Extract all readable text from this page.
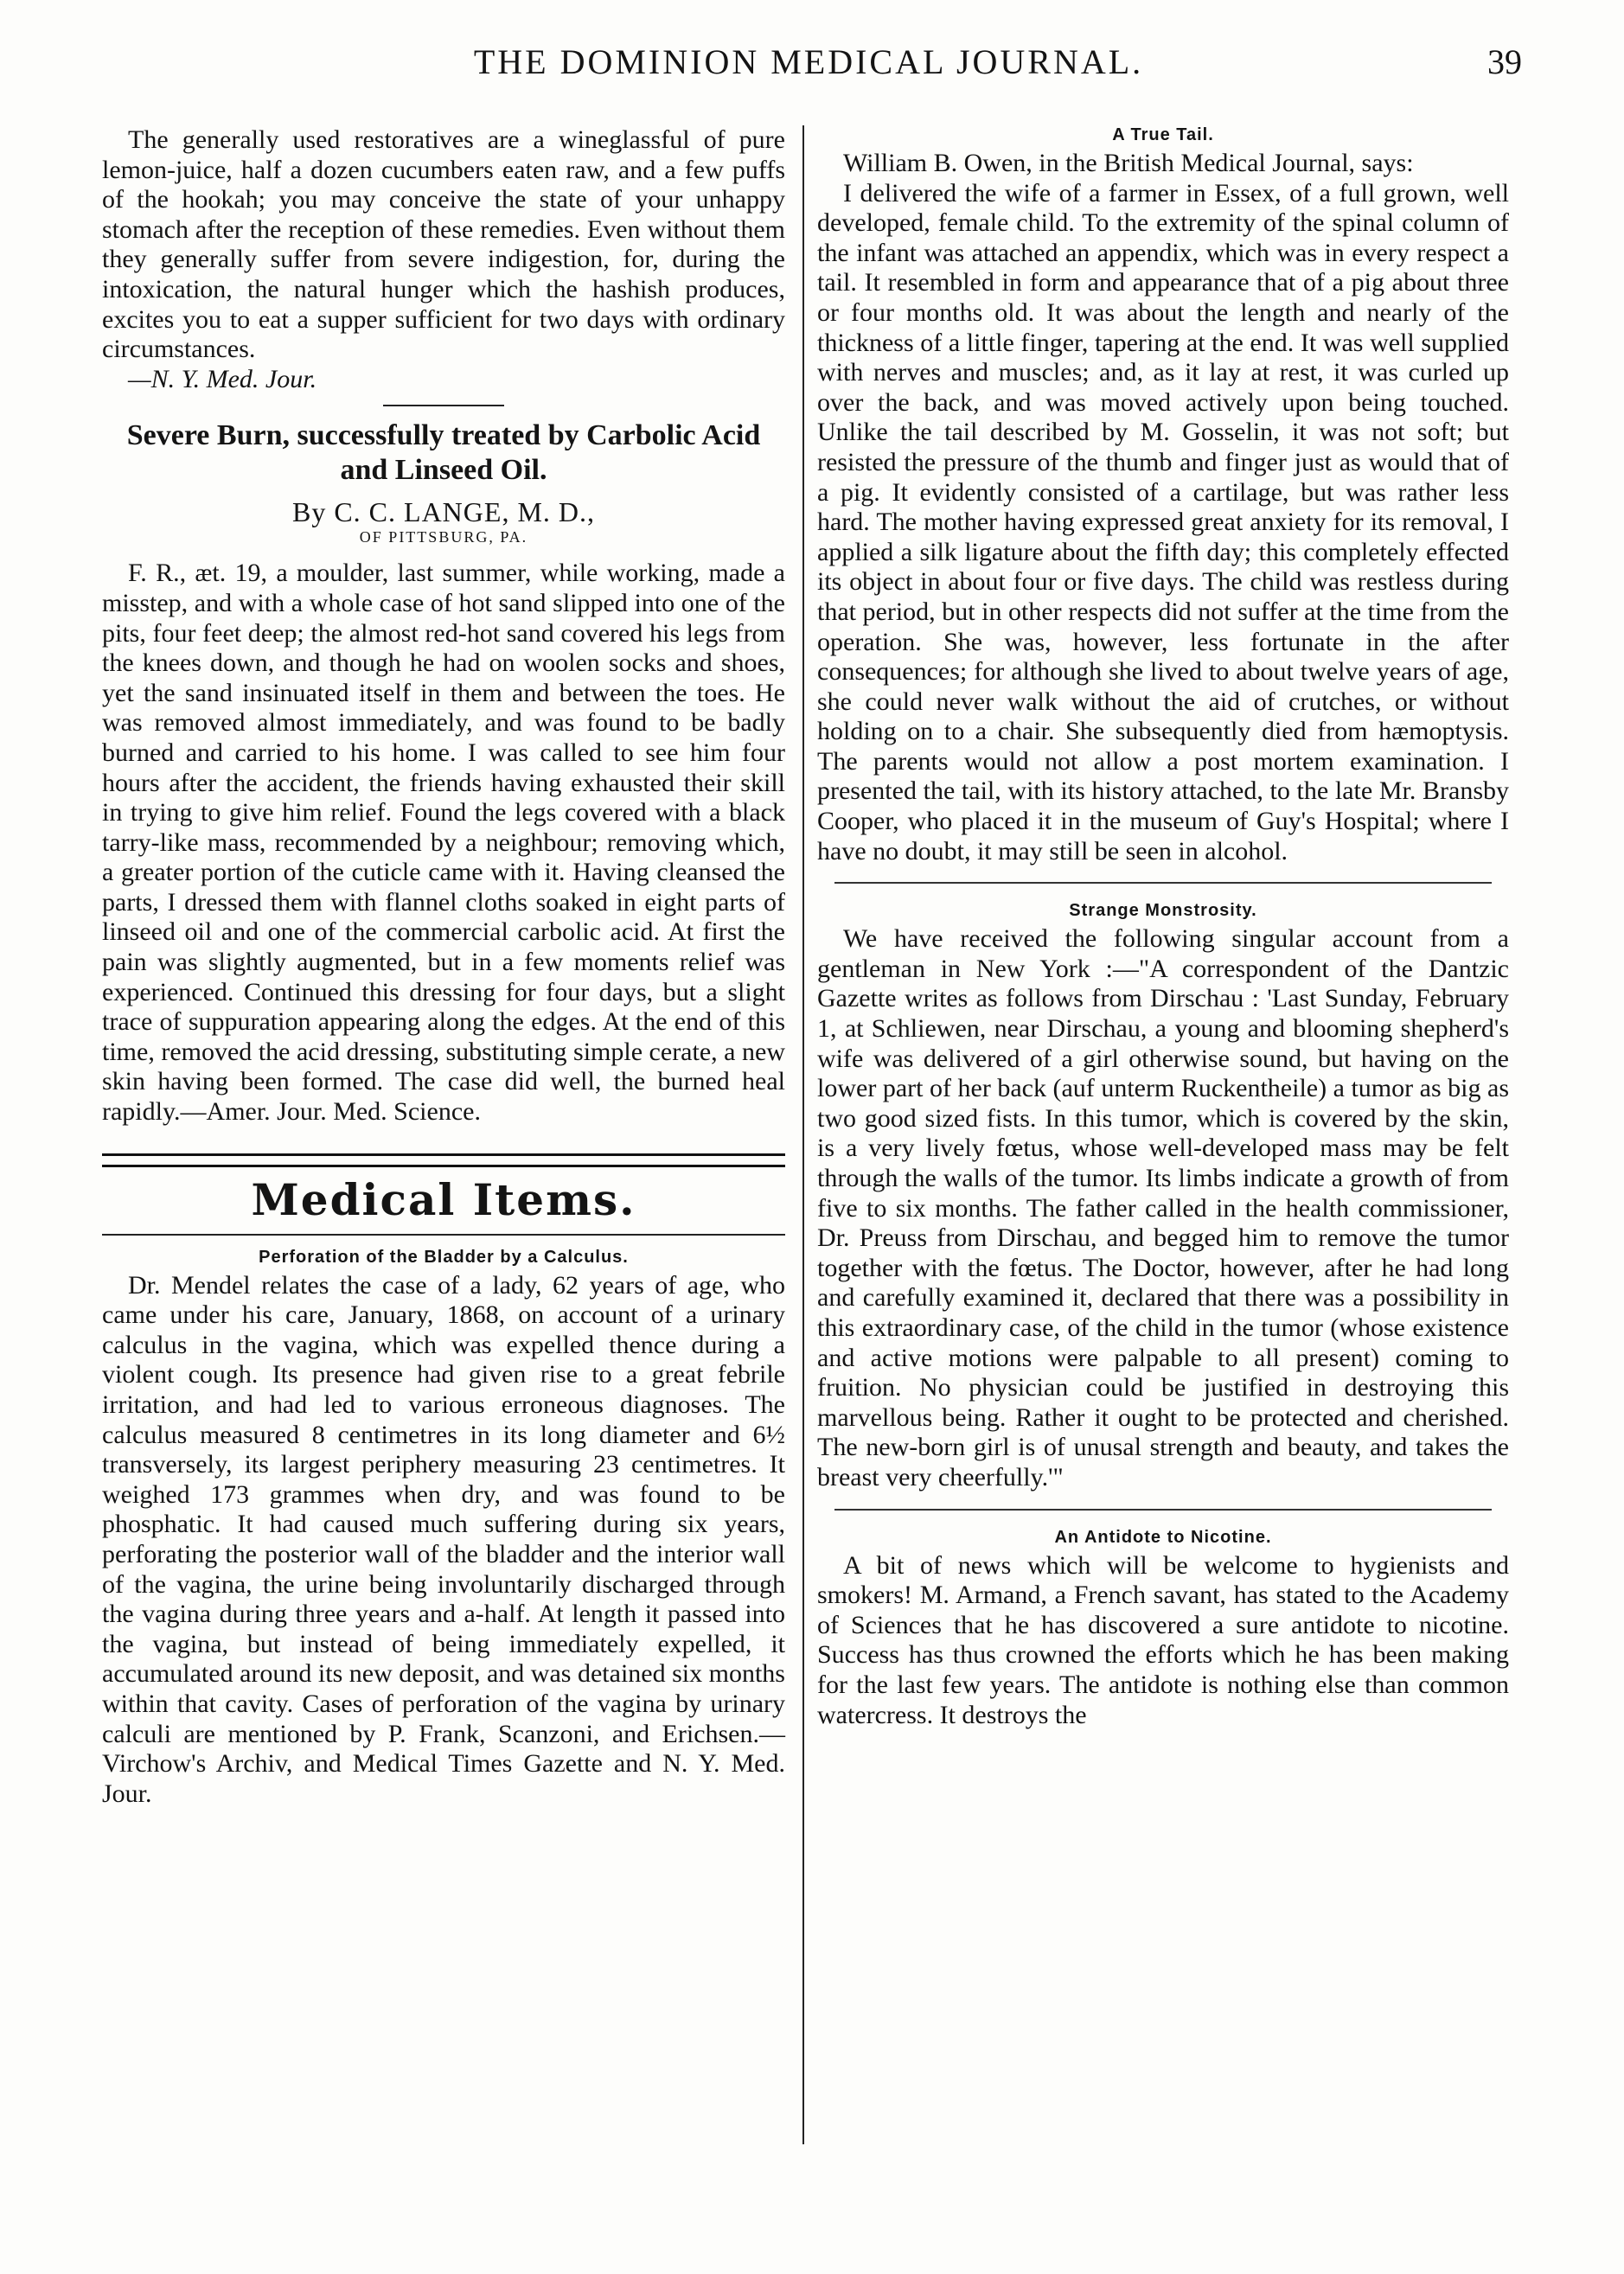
THE DOMINION MEDICAL JOURNAL.	39

The generally used restoratives are a wineglassful of pure lemon-juice, half a dozen cucumbers eaten raw, and a few puffs of the hookah; you may conceive the state of your unhappy stomach after the reception of these remedies. Even without them they generally suffer from severe indigestion, for, during the intoxication, the natural hunger which the hashish produces, excites you to eat a supper sufficient for two days with ordinary circumstances.

—N. Y. Med. Jour.

Severe Burn, successfully treated by Carbolic Acid and Linseed Oil.
By C. C. LANGE, M. D.,
OF PITTSBURG, PA.

F. R., æt. 19, a moulder, last summer, while working, made a misstep, and with a whole case of hot sand slipped into one of the pits, four feet deep; the almost red-hot sand covered his legs from the knees down, and though he had on woolen socks and shoes, yet the sand insinuated itself in them and between the toes. He was removed almost immediately, and was found to be badly burned and carried to his home. I was called to see him four hours after the accident, the friends having exhausted their skill in trying to give him relief. Found the legs covered with a black tarry-like mass, recommended by a neighbour; removing which, a greater portion of the cuticle came with it. Having cleansed the parts, I dressed them with flannel cloths soaked in eight parts of linseed oil and one of the commercial carbolic acid. At first the pain was slightly augmented, but in a few moments relief was experienced. Continued this dressing for four days, but a slight trace of suppuration appearing along the edges. At the end of this time, removed the acid dressing, substituting simple cerate, a new skin having been formed. The case did well, the burned heal rapidly.—Amer. Jour. Med. Science.

Medical Items.
Perforation of the Bladder by a Calculus.

Dr. Mendel relates the case of a lady, 62 years of age, who came under his care, January, 1868, on account of a urinary calculus in the vagina, which was expelled thence during a violent cough. Its presence had given rise to a great febrile irritation, and had led to various erroneous diagnoses. The calculus measured 8 centimetres in its long diameter and 6½ transversely, its largest periphery measuring 23 centimetres. It weighed 173 grammes when dry, and was found to be phosphatic. It had caused much suffering during six years, perforating the posterior wall of the bladder and the interior wall of the vagina, the urine being involuntarily discharged through the vagina during three years and a-half. At length it passed into the vagina, but instead of being immediately expelled, it accumulated around its new deposit, and was detained six months within that cavity. Cases of perforation of the vagina by urinary calculi are mentioned by P. Frank, Scanzoni, and Erichsen.—Virchow's Archiv, and Medical Times Gazette and N. Y. Med. Jour.

A True Tail.

William B. Owen, in the British Medical Journal, says:

I delivered the wife of a farmer in Essex, of a full grown, well developed, female child. To the extremity of the spinal column of the infant was attached an appendix, which was in every respect a tail. It resembled in form and appearance that of a pig about three or four months old. It was about the length and nearly of the thickness of a little finger, tapering at the end. It was well supplied with nerves and muscles; and, as it lay at rest, it was curled up over the back, and was moved actively upon being touched. Unlike the tail described by M. Gosselin, it was not soft; but resisted the pressure of the thumb and finger just as would that of a pig. It evidently consisted of a cartilage, but was rather less hard. The mother having expressed great anxiety for its removal, I applied a silk ligature about the fifth day; this completely effected its object in about four or five days. The child was restless during that period, but in other respects did not suffer at the time from the operation. She was, however, less fortunate in the after consequences; for although she lived to about twelve years of age, she could never walk without the aid of crutches, or without holding on to a chair. She subsequently died from hæmoptysis. The parents would not allow a post mortem examination. I presented the tail, with its history attached, to the late Mr. Bransby Cooper, who placed it in the museum of Guy's Hospital; where I have no doubt, it may still be seen in alcohol.

Strange Monstrosity.

We have received the following singular account from a gentleman in New York :—"A correspondent of the Dantzic Gazette writes as follows from Dirschau : 'Last Sunday, February 1, at Schliewen, near Dirschau, a young and blooming shepherd's wife was delivered of a girl otherwise sound, but having on the lower part of her back (auf unterm Ruckentheile) a tumor as big as two good sized fists. In this tumor, which is covered by the skin, is a very lively fœtus, whose well-developed mass may be felt through the walls of the tumor. Its limbs indicate a growth of from five to six months. The father called in the health commissioner, Dr. Preuss from Dirschau, and begged him to remove the tumor together with the fœtus. The Doctor, however, after he had long and carefully examined it, declared that there was a possibility in this extraordinary case, of the child in the tumor (whose existence and active motions were palpable to all present) coming to fruition. No physician could be justified in destroying this marvellous being. Rather it ought to be protected and cherished. The new-born girl is of unusal strength and beauty, and takes the breast very cheerfully.'"

An Antidote to Nicotine.

A bit of news which will be welcome to hygienists and smokers! M. Armand, a French savant, has stated to the Academy of Sciences that he has discovered a sure antidote to nicotine. Success has thus crowned the efforts which he has been making for the last few years. The antidote is nothing else than common watercress. It destroys the
